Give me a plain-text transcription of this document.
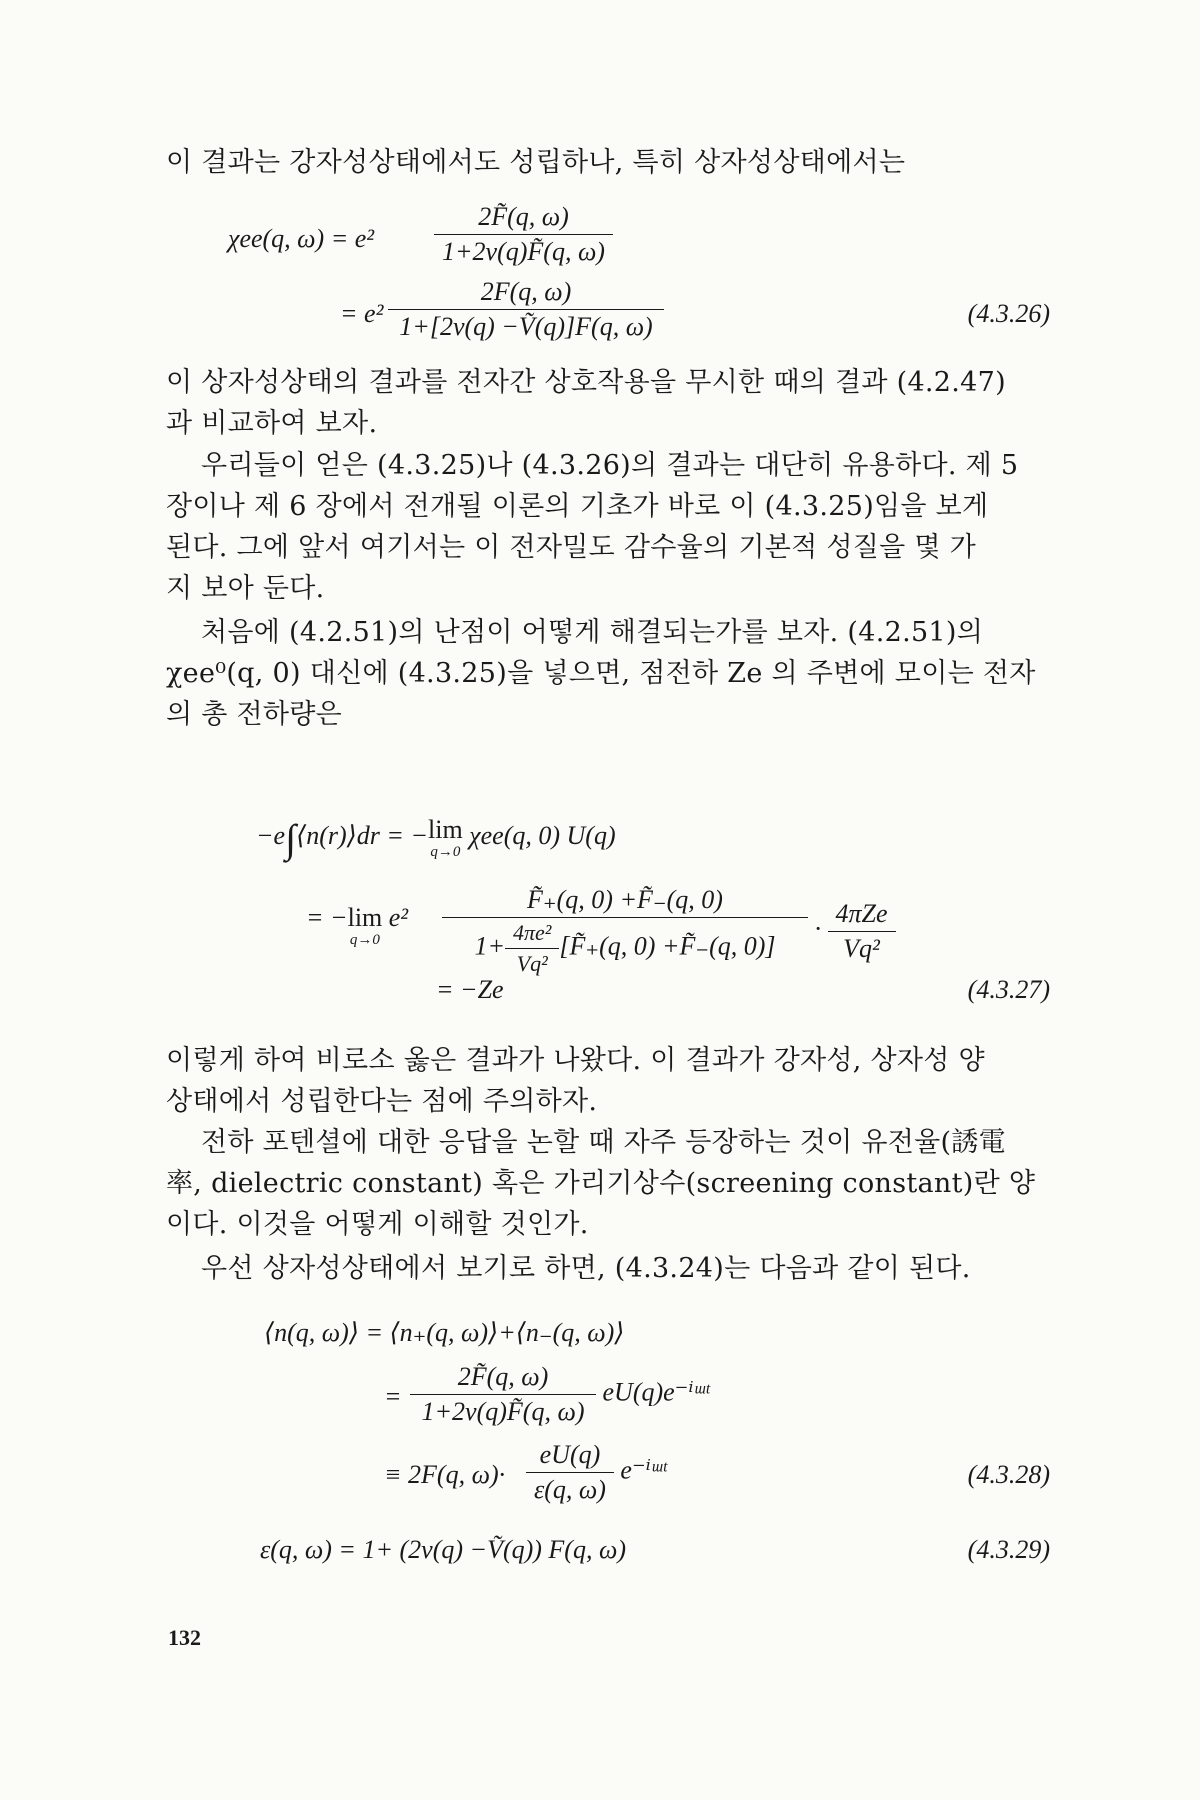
이 결과는 강자성상태에서도 성립하나, 특히 상자성상태에서는
χee(q, $\omega) = e^2 \frac{2F̃(q, \omega)}{1+2v(q)F̃(q, \omega)}$
= $e^2 \frac{2F(q, \omega)}{\text{1+[2v(q) −Ṽ(q)]F(q, ω)}}$	(4.3.26)
이 상자성상태의 결과를 전자간 상호작용을 무시한 때의 결과 (4.2.47)
과 비교하여 보자.
우리들이 얻은 (4.3.25)나 (4.3.26)의 결과는 대단히 유용하다. 제 5
장이나 제 6 장에서 전개될 이론의 기초가 바로 이 (4.3.25)임을 보게
된다. 그에 앞서 여기서는 이 전자밀도 감수율의 기본적 성질을 몇 가
지 보아 둔다.
처음에 (4.2.51)의 난점이 어떻게 해결되는가를 보자. (4.2.51)의
χee⁰(q, 0) 대신에 (4.3.25)을 넣으면, 점전하 Ze 의 주변에 모이는 전자
의 총 전하량은
−e∫⟨n(r)⟩dr = −lim
q→0
χee(q, 0) U(q)
= −lim
q→0
$e^2 \frac{F̃_+(q, 0) +F̃_-(q, 0)}{1+ \frac{\text{4πe²}}{\text{Vq²}} [F̃_+(q, 0) +F̃_-(q, 0)]} \cdot \frac{\text{4πZe}}{\text{Vq²}}$
= −Ze	(4.3.27)
이렇게 하여 비로소 옳은 결과가 나왔다. 이 결과가 강자성, 상자성 양
상태에서 성립한다는 점에 주의하자.
전하 포텐셜에 대한 응답을 논할 때 자주 등장하는 것이 유전율(誘電
率, dielectric constant) 혹은 가리기상수(screening constant)란 양
이다. 이것을 어떻게 이해할 것인가.
우선 상자성상태에서 보기로 하면, (4.3.24)는 다음과 같이 된다.
⟨n(q, ω)⟩ = ⟨n₊(q, ω)⟩+⟨n₋(q, ω)⟩
= $\frac{2F̃(q, \omega)}{1+2v(q)F̃(q, \omega)}$ eU(q)e⁻ⁱᵚᵗ
≡ 2F(q, $\omega)\cdot \frac{eU(q)}{\varepsilon(q, \omega)}$ e⁻ⁱᵚᵗ	(4.3.28)
ε(q, ω) = 1+ (2v(q) −Ṽ(q)) F(q, ω)	(4.3.29)
132
